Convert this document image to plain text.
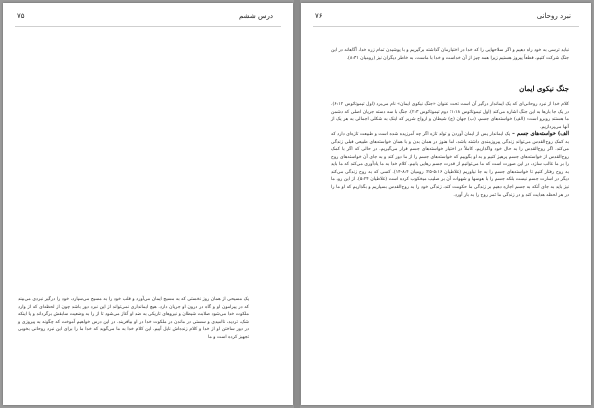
۷۵	درس ششم

یک مسیحی از همان روز نخستی که به مسیح ایمان می‌آورد و قلب خود را به مسیح می‌سپارد، خود را درگیر نبردی می‌بیند که در پیرامون او و گاه در درون او جریان دارد. هیچ ایمانداری نمی‌تواند از این نبرد دور باشد چون از لحظه‌ای که از وارد ملکوت خدا می‌شود صلابت شیطان و نیروهای تاریکی به ضد او آغاز می‌شود تا از را به وضعیت سابقش برگرداند و یا اینکه شک، تردید، ناامیدی و سستی در ماندن در ملکوت خدا در او بیافریند. در این درس خواهیم آموخت که چگونه به پیروزی و در دور ساختن او از خدا و کلام زنده‌اش نایل آییم. این کلام خدا به ما می‌گوید که خدا ما را برای این نبرد روحانی بخوبی تجهیز کرده است و ما

۷۶	نبرد روحانی

نباید ترسی به خود راه دهیم و اگر سلاحهایی را که خدا در اختیارمان گذاشته برگیریم و با پوشیدن تمام زره خدا، آگاهانه در این جنگ شرکت کنیم، قطعاً پیروز هستیم زیرا همه چیز از آن خداست و خدا با ماست، به خاطر دیگران نیز (رومیان ۸:۳۱).

جنگ نیکوی ایمان

کلام خدا از نبرد روحانی‌ای که یک ایماندار درگیر آن است تحت عنوان «جنگ نیکوی ایمان» نام می‌برد (اول تیموتائوس ۶:۱۲). در یک جا بارها به این جنگ اشاره می‌کند (اول تیموتائوس ۱:۱۸؛ دوم تیموتائوس ۲:۳). جنگ با سه دسته جریان اصلی که دشمن ما هستند روبرو است: (الف) خواسته‌های جسم، (ب) جهان (ج) شیطان و ارواح شریر که اینک به شکلی اجمالی به هر یک از آنها می‌پردازیم.

الف) خواسته‌های جسم – یک ایماندار پس از ایمان آوردن و تولد تازه اگر چه آمرزیده شده است و طبیعت تازه‌ای دارد که به کمک روح‌القدس می‌تواند زندگی پیروزمندی داشته باشد، اما هنوز در همان بدن و با همان خواسته‌های طبیعی قبلی زندگی می‌کند. اگر روح‌القدس را به حال خود واگذاریم، کاملاً در اختیار خواسته‌های جسم قرار می‌گیریم. در حالی که اگر با کمک روح‌القدس از خواسته‌های جسم پرهیز کنیم و به او بگوییم که خواسته‌های جسم را از ما دور کند و به جای آن خواسته‌های روح را بر ما غالب سازد، در این صورت است که ما می‌توانیم از قدرت جسم رهایی یابیم. کلام خدا به ما یادآوری می‌کند که ما باید به روح رفتار کنیم تا خواسته‌های جسم را به جا نیاوریم (غلاطیان ۵:۱۶-۲۵؛ رومیان ۸:۴-۱۴). کسی که به روح زندگی می‌کند دیگر در اسارت جسم نیست بلکه جسم را با هوسها و شهوات آن بر صلیب میخکوب کرده است (غلاطیان ۵:۲۴). از این رو، ما نیز باید به جای آنکه به جسم اجازه دهیم بر زندگی ما حکومت کند، زندگی خود را به روح‌القدس بسپاریم و بگذاریم که او ما را در هر لحظه هدایت کند و در زندگی ما ثمر روح را به بار آورد.
